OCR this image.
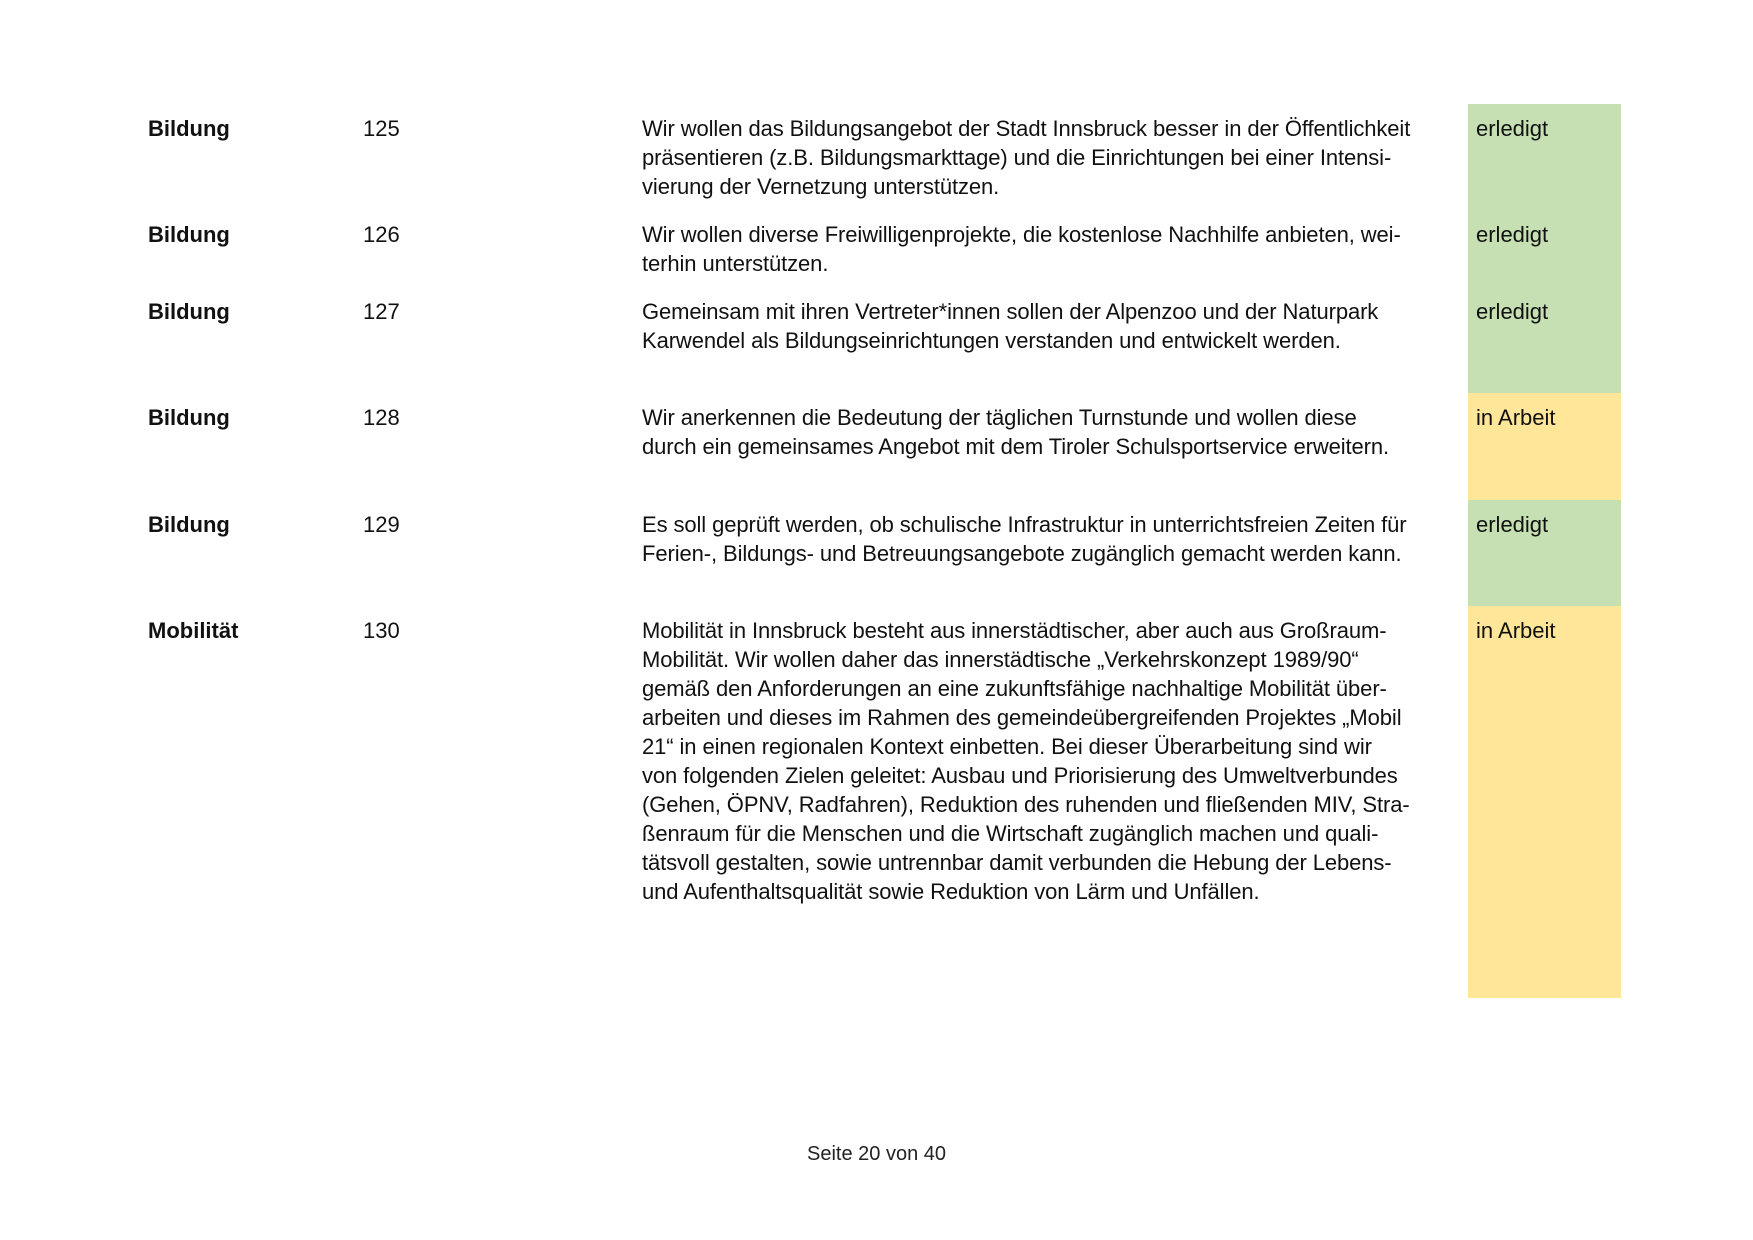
Bildung	125	Wir wollen das Bildungsangebot der Stadt Innsbruck besser in der Öffentlichkeit
präsentieren (z.B. Bildungsmarkttage) und die Einrichtungen bei einer Intensi-
vierung der Vernetzung unterstützen.
erledigt
Bildung	126	Wir wollen diverse Freiwilligenprojekte, die kostenlose Nachhilfe anbieten, wei-
terhin unterstützen.
erledigt
Bildung	127	Gemeinsam mit ihren Vertreter*innen sollen der Alpenzoo und der Naturpark
Karwendel als Bildungseinrichtungen verstanden und entwickelt werden.
erledigt
Bildung	128	Wir anerkennen die Bedeutung der täglichen Turnstunde und wollen diese
durch ein gemeinsames Angebot mit dem Tiroler Schulsportservice erweitern.
in Arbeit
Bildung	129	Es soll geprüft werden, ob schulische Infrastruktur in unterrichtsfreien Zeiten für
Ferien-, Bildungs- und Betreuungsangebote zugänglich gemacht werden kann.
erledigt
Mobilität	130	Mobilität in Innsbruck besteht aus innerstädtischer, aber auch aus Großraum-
Mobilität. Wir wollen daher das innerstädtische „Verkehrskonzept 1989/90“
gemäß den Anforderungen an eine zukunftsfähige nachhaltige Mobilität über-
arbeiten und dieses im Rahmen des gemeindeübergreifenden Projektes „Mobil
21“ in einen regionalen Kontext einbetten. Bei dieser Überarbeitung sind wir
von folgenden Zielen geleitet: Ausbau und Priorisierung des Umweltverbundes
(Gehen, ÖPNV, Radfahren), Reduktion des ruhenden und fließenden MIV, Stra-
ßenraum für die Menschen und die Wirtschaft zugänglich machen und quali-
tätsvoll gestalten, sowie untrennbar damit verbunden die Hebung der Lebens-
und Aufenthaltsqualität sowie Reduktion von Lärm und Unfällen.
in Arbeit
Seite 20 von 40
